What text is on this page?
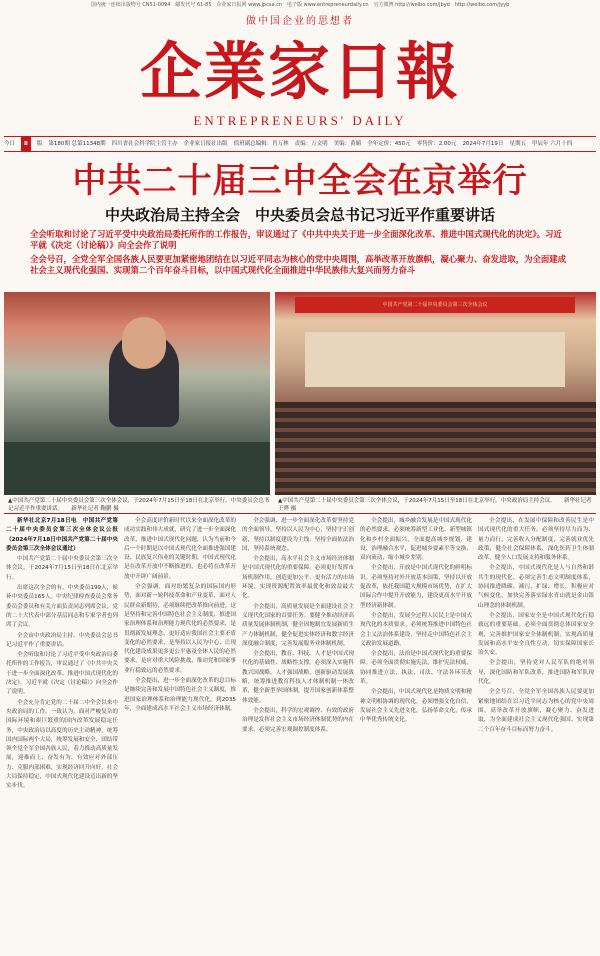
国内统一连续出版物号 CN51-0094　邮发代号 61-85　企业家日报网 www.jpcsa.cn　电子版 www.entrepreneurdaily.cn　官方微博 http://weibo.com/jbyd　http://weibo.com/jyyb
做中国企业的思想者
企業家日報
ENTREPRENEURS' DAILY
今日	8	版 第180期 总第11348期 四川省社会科学院主管主办 企业家日报社出版 值班副总编辑：肖万林 责编：万文明 美编：黄媚 全年定价：450元 零售价：2.00元 2024年7月19日 星期五 甲辰年 六月十四
中共二十届三中全会在京举行
中央政治局主持全会　中央委员会总书记习近平作重要讲话
全会听取和讨论了习近平受中央政治局委托所作的工作报告，审议通过了《中共中央关于进一步全面深化改革、推进中国式现代化的决定》。习近平就《决定（讨论稿）》向全会作了说明
全会号召，全党全军全国各族人民要更加紧密地团结在以习近平同志为核心的党中央周围，高举改革开放旗帜，凝心聚力、奋发进取，为全面建成社会主义现代化强国、实现第二个百年奋斗目标，以中国式现代化全面推进中华民族伟大复兴而努力奋斗
中国共产党第二十届中央委员会第三次全体会议
▲中国共产党第二十届中央委员会第三次全体会议，于2024年7月15日至18日在北京举行。中央委员会总书记习近平作重要讲话。　　新华社记者 鞠鹏 摄
▲中国共产党第二十届中央委员会第三次全体会议，于2024年7月15日至18日在北京举行。中央政治局主持会议。　　新华社记者 王晔 摄

新华社北京7月18日电　中国共产党第二十届中央委员会第三次全体会议公报（2024年7月18日中国共产党第二十届中央委员会第三次全体会议通过）

中国共产党第二十届中央委员会第三次全体会议，于2024年7月15日至18日在北京举行。

出席这次全会的有，中央委员199人，候补中央委员165人。中央纪律检查委员会常务委员会委员和有关方面负责同志列席会议。党的二十大代表中部分基层同志和专家学者也列席了会议。

全会由中央政治局主持。中央委员会总书记习近平作了重要讲话。

全会听取和讨论了习近平受中央政治局委托所作的工作报告，审议通过了《中共中央关于进一步全面深化改革、推进中国式现代化的决定》。习近平就《决定（讨论稿）》向全会作了说明。

全会充分肯定党的二十届二中全会以来中央政治局的工作。一致认为，面对严峻复杂的国际环境和艰巨繁重的国内改革发展稳定任务，中央政治局以高度的历史主动精神，统筹国内国际两个大局，统筹发展和安全，团结带领全党全军全国各族人民，着力推动高质量发展，迎难而上、奋发有为，有效应对外部压力、克服内部困难，实现经济回升向好，社会大局保持稳定，中国式现代化建设迈出新的坚实步伐。

全会高度评价新时代以来全面深化改革的成功实践和伟大成就，研究了进一步全面深化改革、推进中国式现代化问题，认为当前和今后一个时期是以中国式现代化全面推进强国建设、民族复兴伟业的关键时期。中国式现代化是在改革开放中不断推进的，也必将在改革开放中开辟广阔前景。

全会强调，面对纷繁复杂的国际国内形势，面对新一轮科技革命和产业变革，面对人民群众新期待，必须继续把改革推向前进。这是坚持和完善中国特色社会主义制度、推进国家治理体系和治理能力现代化的必然要求，是贯彻新发展理念、更好适应我国社会主要矛盾变化的必然要求，是坚持以人民为中心、让现代化建设成果更多更公平惠及全体人民的必然要求，是应对重大风险挑战、推动党和国家事业行稳致远的必然要求。

全会提出，进一步全面深化改革的总目标是继续完善和发展中国特色社会主义制度，推进国家治理体系和治理能力现代化。到2035年，全面建成高水平社会主义市场经济体制。

全会强调，进一步全面深化改革要坚持党的全面领导，坚持以人民为中心，坚持守正创新，坚持以制度建设为主线，坚持全面依法治国，坚持系统观念。

全会提出，高水平社会主义市场经济体制是中国式现代化的重要保障。必须更好发挥市场机制作用，创造更加公平、更有活力的市场环境，实现资源配置效率最优化和效益最大化。

全会提出，高质量发展是全面建设社会主义现代化国家的首要任务。要健全推动经济高质量发展体制机制，健全因地制宜发展新质生产力体制机制，健全促进实体经济和数字经济深度融合制度，完善发展服务业体制机制。

全会提出，教育、科技、人才是中国式现代化的基础性、战略性支撑。必须深入实施科教兴国战略、人才强国战略、创新驱动发展战略，统筹推进教育科技人才体制机制一体改革，健全新型举国体制，提升国家创新体系整体效能。

全会提出，科学的宏观调控、有效的政府治理是发挥社会主义市场经济体制优势的内在要求。必须完善宏观调控制度体系。

全会提出，城乡融合发展是中国式现代化的必然要求。必须统筹新型工业化、新型城镇化和乡村全面振兴，全面提高城乡规划、建设、治理融合水平，促进城乡要素平等交换、双向流动，缩小城乡差别。

全会提出，开放是中国式现代化的鲜明标识。必须坚持对外开放基本国策，坚持以开放促改革，依托我国超大规模市场优势，在扩大国际合作中提升开放能力，建设更高水平开放型经济新体制。

全会提出，发展全过程人民民主是中国式现代化的本质要求。必须统筹推进中国特色社会主义法治体系建设，坚持走中国特色社会主义政治发展道路。

全会提出，法治是中国式现代化的重要保障。必须全面贯彻实施宪法，维护宪法权威，协同推进立法、执法、司法、守法各环节改革。

全会提出，中国式现代化是物质文明和精神文明相协调的现代化。必须增强文化自信，发展社会主义先进文化，弘扬革命文化，传承中华优秀传统文化。

全会提出，在发展中保障和改善民生是中国式现代化的重大任务。必须坚持尽力而为、量力而行，完善收入分配制度，完善就业优先政策，健全社会保障体系，深化医药卫生体制改革，健全人口发展支持和服务体系。

全会提出，中国式现代化是人与自然和谐共生的现代化。必须完善生态文明制度体系，协同推进降碳、减污、扩绿、增长，积极应对气候变化，加快完善落实绿水青山就是金山银山理念的体制机制。

全会提出，国家安全是中国式现代化行稳致远的重要基础。必须全面贯彻总体国家安全观，完善维护国家安全体制机制，实现高质量发展和高水平安全良性互动，切实保障国家长治久安。

全会提出，坚持党对人民军队的绝对领导，深化国防和军队改革，推进国防和军队现代化。

全会号召，全党全军全国各族人民要更加紧密地团结在以习近平同志为核心的党中央周围，高举改革开放旗帜，凝心聚力、奋发进取，为全面建成社会主义现代化强国、实现第二个百年奋斗目标而努力奋斗。
